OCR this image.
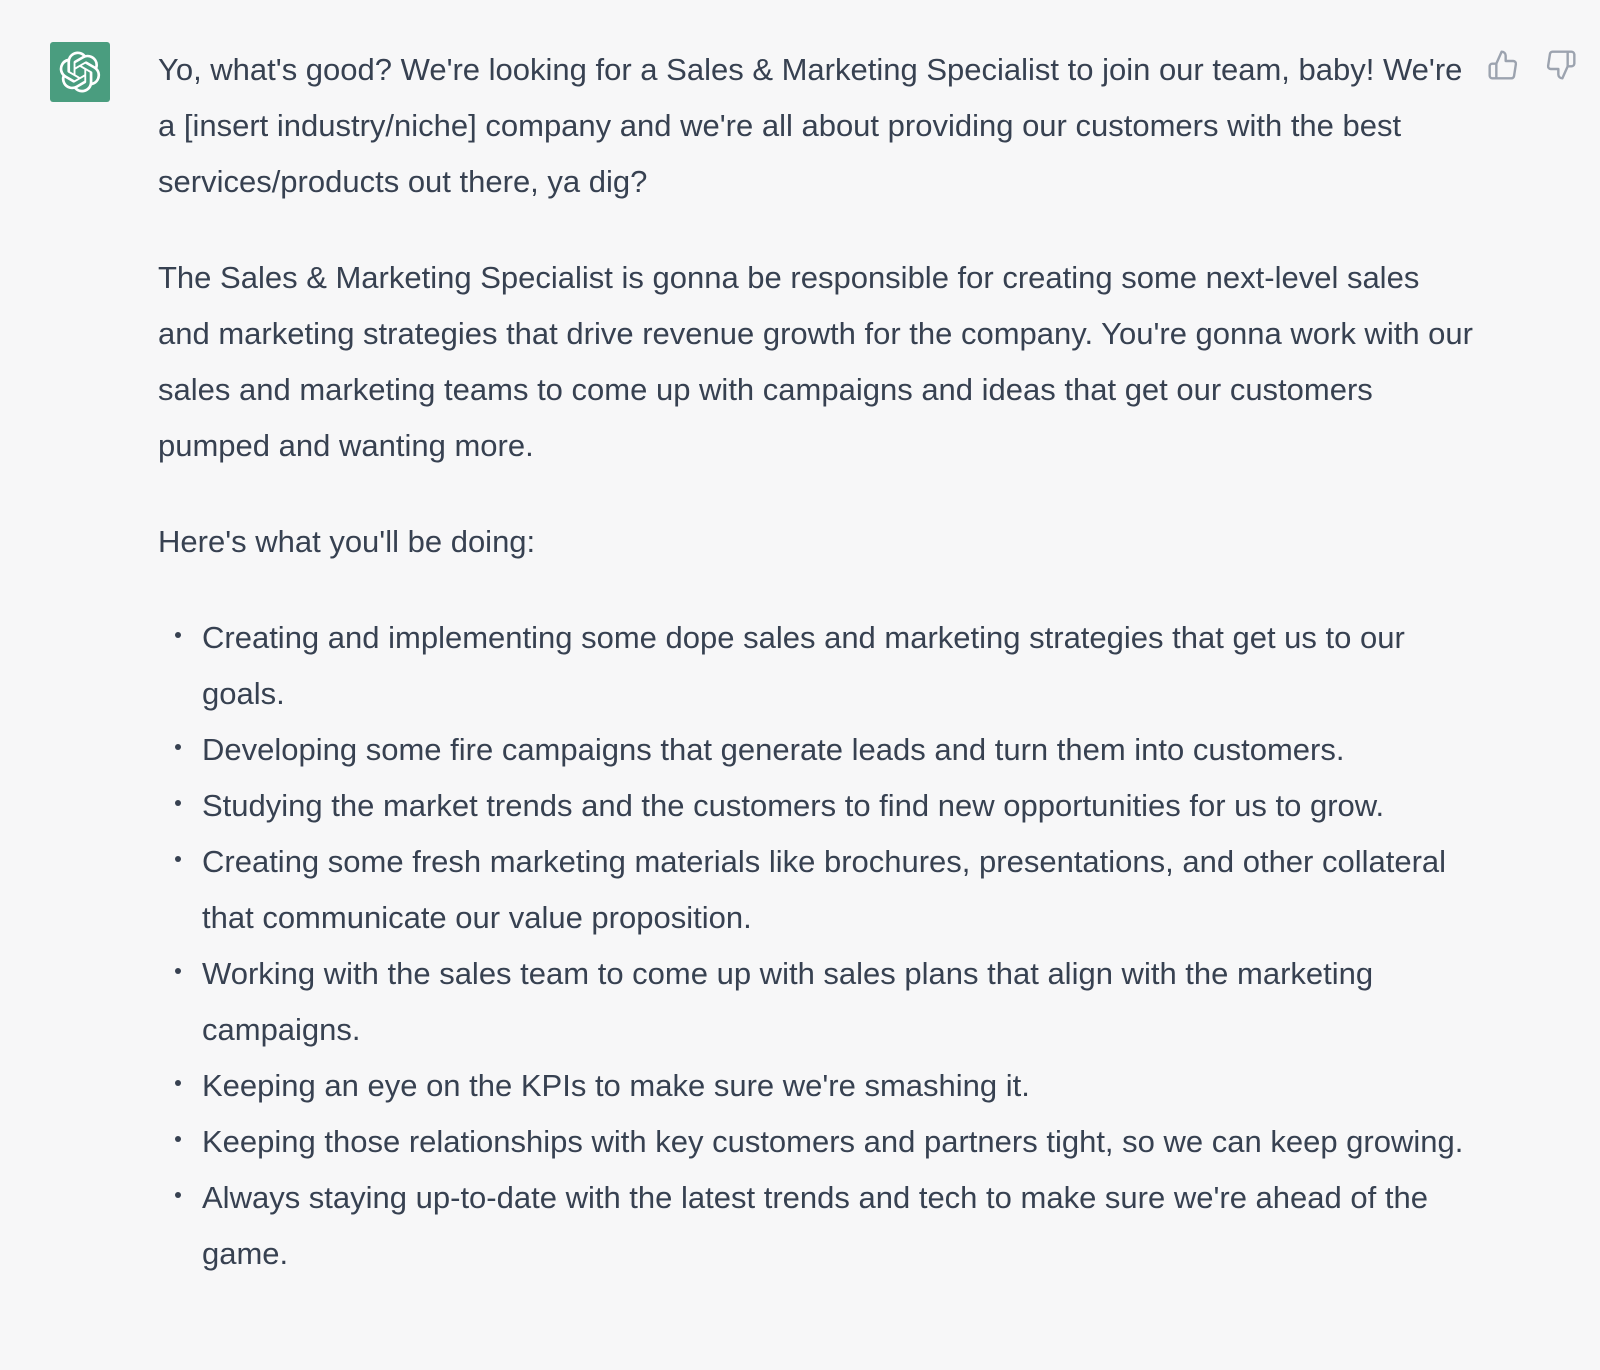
Yo, what's good? We're looking for a Sales & Marketing Specialist to join our team, baby! We're a [insert industry/niche] company and we're all about providing our customers with the best services/products out there, ya dig?

The Sales & Marketing Specialist is gonna be responsible for creating some next-level sales and marketing strategies that drive revenue growth for the company. You're gonna work with our sales and marketing teams to come up with campaigns and ideas that get our customers pumped and wanting more.

Here's what you'll be doing:

Creating and implementing some dope sales and marketing strategies that get us to our goals.
Developing some fire campaigns that generate leads and turn them into customers.
Studying the market trends and the customers to find new opportunities for us to grow.
Creating some fresh marketing materials like brochures, presentations, and other collateral that communicate our value proposition.
Working with the sales team to come up with sales plans that align with the marketing campaigns.
Keeping an eye on the KPIs to make sure we're smashing it.
Keeping those relationships with key customers and partners tight, so we can keep growing.
Always staying up-to-date with the latest trends and tech to make sure we're ahead of the game.
